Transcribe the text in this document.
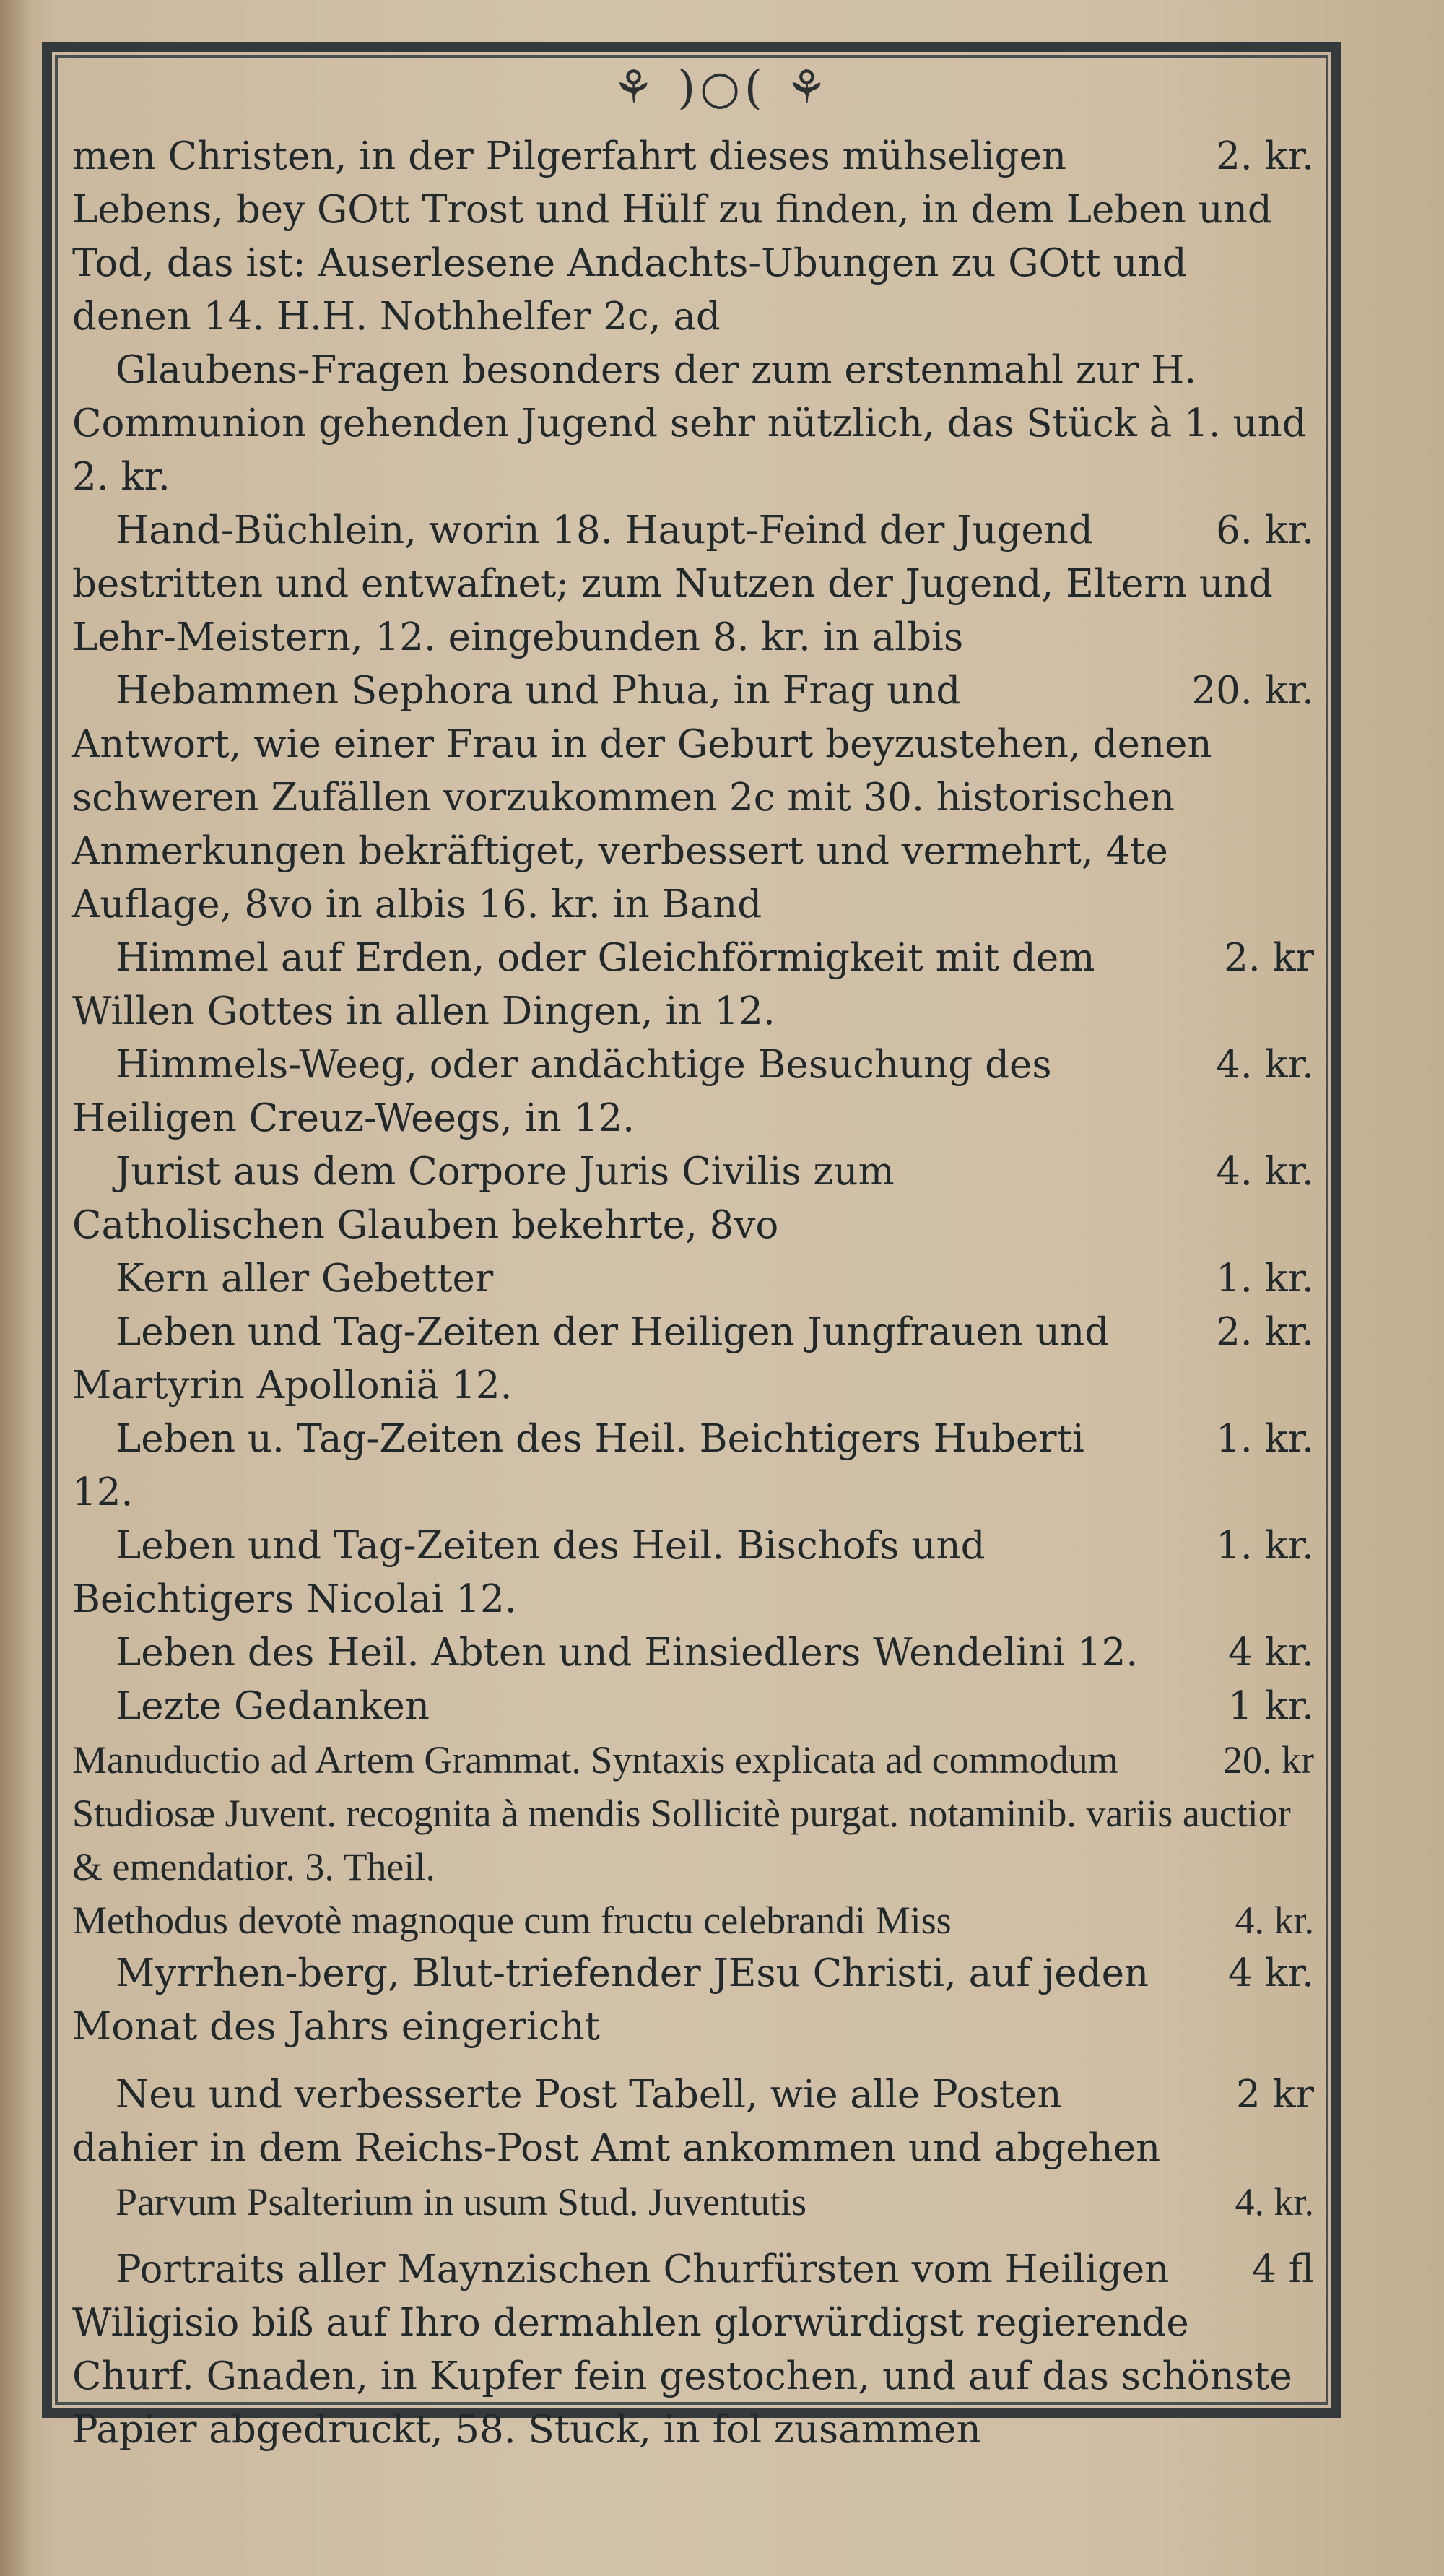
⚘ )○( ⚘

2. kr.
men Christen, in der Pilgerfahrt dieses mühseligen Lebens, bey GOtt Trost und Hülf zu finden, in dem Leben und Tod, das ist: Auserlesene Andachts-Ubungen zu GOtt und denen 14. H.H. Nothhelfer 2c, ad

Glaubens-Fragen besonders der zum erstenmahl zur H. Communion gehenden Jugend sehr nützlich, das Stück à 1. und 2. kr.

6. kr.
Hand-Büchlein, worin 18. Haupt-Feind der Jugend bestritten und entwafnet; zum Nutzen der Jugend, Eltern und Lehr-Meistern, 12. eingebunden 8. kr. in albis

20. kr.
Hebammen Sephora und Phua, in Frag und Antwort, wie einer Frau in der Geburt beyzustehen, denen schweren Zufällen vorzukommen 2c mit 30. historischen Anmerkungen bekräftiget, verbessert und vermehrt, 4te Auflage, 8vo in albis 16. kr. in Band

2. kr
Himmel auf Erden, oder Gleichförmigkeit mit dem Willen Gottes in allen Dingen, in 12.

4. kr.
Himmels-Weeg, oder andächtige Besuchung des Heiligen Creuz-Weegs, in 12.

4. kr.
Jurist aus dem Corpore Juris Civilis zum Catholischen Glauben bekehrte, 8vo

1. kr.
Kern aller Gebetter

2. kr.
Leben und Tag-Zeiten der Heiligen Jungfrauen und Martyrin Apolloniä 12.

1. kr.
Leben u. Tag-Zeiten des Heil. Beichtigers Huberti 12.

1. kr.
Leben und Tag-Zeiten des Heil. Bischofs und Beichtigers Nicolai 12.

4 kr.
Leben des Heil. Abten und Einsiedlers Wendelini 12.

1 kr.
Lezte Gedanken

20. kr
Manuductio ad Artem Grammat. Syntaxis explicata ad commodum Studiosæ Juvent. recognita à mendis Sollicitè purgat. notaminib. variis auctior & emendatior. 3. Theil.

4. kr.
Methodus devotè magnoque cum fructu celebrandi Miss

4 kr.
Myrrhen-berg, Blut-triefender JEsu Christi, auf jeden Monat des Jahrs eingericht

2 kr
Neu und verbesserte Post Tabell, wie alle Posten dahier in dem Reichs-Post Amt ankommen und abgehen

4. kr.
Parvum Psalterium in usum Stud. Juventutis

4 fl
Portraits aller Maynzischen Churfürsten vom Heiligen Wiligisio biß auf Ihro dermahlen glorwürdigst regierende Churf. Gnaden, in Kupfer fein gestochen, und auf das schönste Papier abgedruckt, 58. Stuck, in fol zusammen
